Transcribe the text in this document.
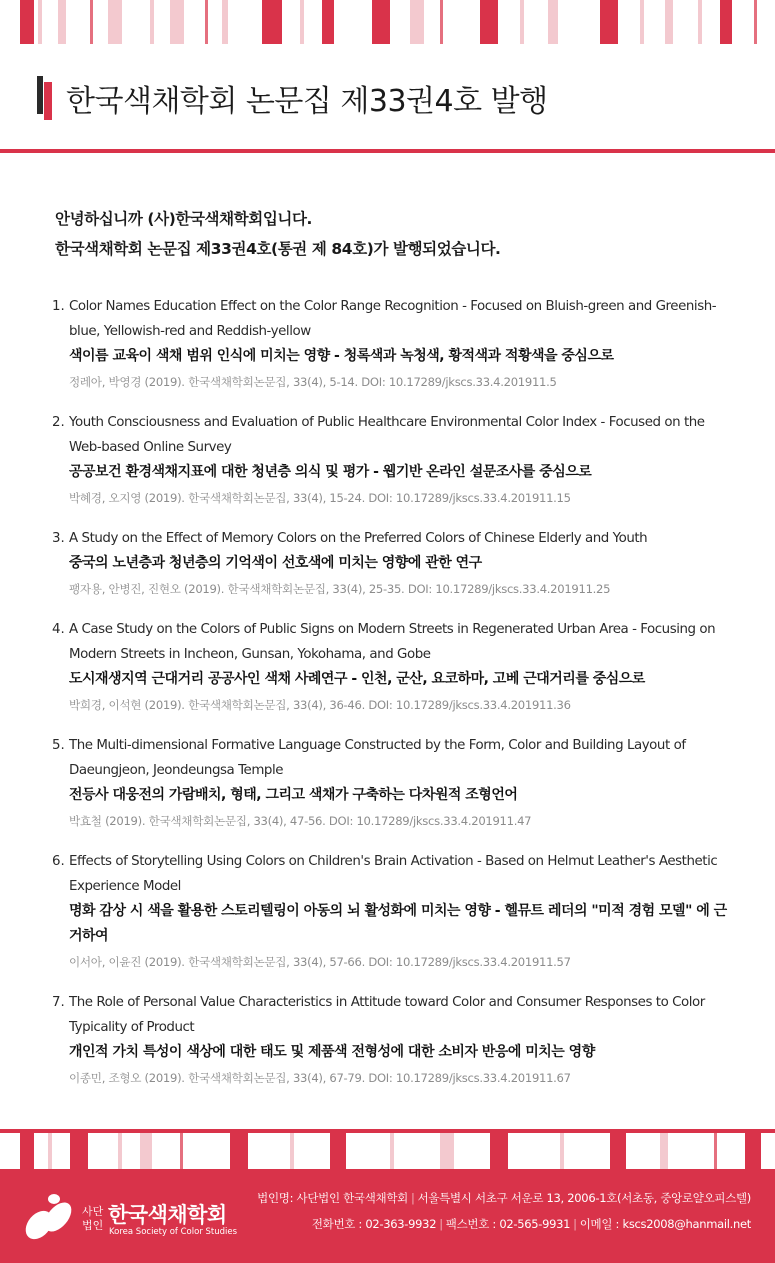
한국색채학회 논문집 제33권4호 발행

안녕하십니까 (사)한국색채학회입니다.

한국색채학회 논문집 제33권4호(통권 제 84호)가 발행되었습니다.

1. Color Names Education Effect on the Color Range Recognition - Focused on Bluish-green and Greenish-blue, Yellowish-red and Reddish-yellow

색이름 교육이 색채 범위 인식에 미치는 영향 - 청록색과 녹청색, 황적색과 적황색을 중심으로

정레아, 박영경 (2019). 한국색채학회논문집, 33(4), 5-14. DOI: 10.17289/jkscs.33.4.201911.5

2. Youth Consciousness and Evaluation of Public Healthcare Environmental Color Index - Focused on the Web-based Online Survey

공공보건 환경색채지표에 대한 청년층 의식 및 평가 - 웹기반 온라인 설문조사를 중심으로

박혜경, 오지영 (2019). 한국색채학회논문집, 33(4), 15-24. DOI: 10.17289/jkscs.33.4.201911.15

3. A Study on the Effect of Memory Colors on the Preferred Colors of Chinese Elderly and Youth

중국의 노년층과 청년층의 기억색이 선호색에 미치는 영향에 관한 연구

팽자용, 안병진, 진현오 (2019). 한국색채학회논문집, 33(4), 25-35. DOI: 10.17289/jkscs.33.4.201911.25

4. A Case Study on the Colors of Public Signs on Modern Streets in Regenerated Urban Area - Focusing on Modern Streets in Incheon, Gunsan, Yokohama, and Gobe

도시재생지역 근대거리 공공사인 색채 사례연구 - 인천, 군산, 요코하마, 고베 근대거리를 중심으로

박희경, 이석현 (2019). 한국색채학회논문집, 33(4), 36-46. DOI: 10.17289/jkscs.33.4.201911.36

5. The Multi-dimensional Formative Language Constructed by the Form, Color and Building Layout of Daeungjeon, Jeondeungsa Temple

전등사 대웅전의 가람배치, 형태, 그리고 색채가 구축하는 다차원적 조형언어

박효철 (2019). 한국색채학회논문집, 33(4), 47-56. DOI: 10.17289/jkscs.33.4.201911.47

6. Effects of Storytelling Using Colors on Children's Brain Activation - Based on Helmut Leather's Aesthetic Experience Model

명화 감상 시 색을 활용한 스토리텔링이 아동의 뇌 활성화에 미치는 영향 - 헬뮤트 레더의 "미적 경험 모델" 에 근거하여

이서아, 이윤진 (2019). 한국색채학회논문집, 33(4), 57-66. DOI: 10.17289/jkscs.33.4.201911.57

7. The Role of Personal Value Characteristics in Attitude toward Color and Consumer Responses to Color Typicality of Product

개인적 가치 특성이 색상에 대한 태도 및 제품색 전형성에 대한 소비자 반응에 미치는 영향

이종민, 조형오 (2019). 한국색채학회논문집, 33(4), 67-79. DOI: 10.17289/jkscs.33.4.201911.67

사단
법인 한국색채학회
Korea Society of Color Studies
법인명: 사단법인 한국색채학회 | 서울특별시 서초구 서운로 13, 2006-1호(서초동, 중앙로얄오피스텔)
전화번호 : 02-363-9932 | 팩스번호 : 02-565-9931 | 이메일 : kscs2008@hanmail.net
